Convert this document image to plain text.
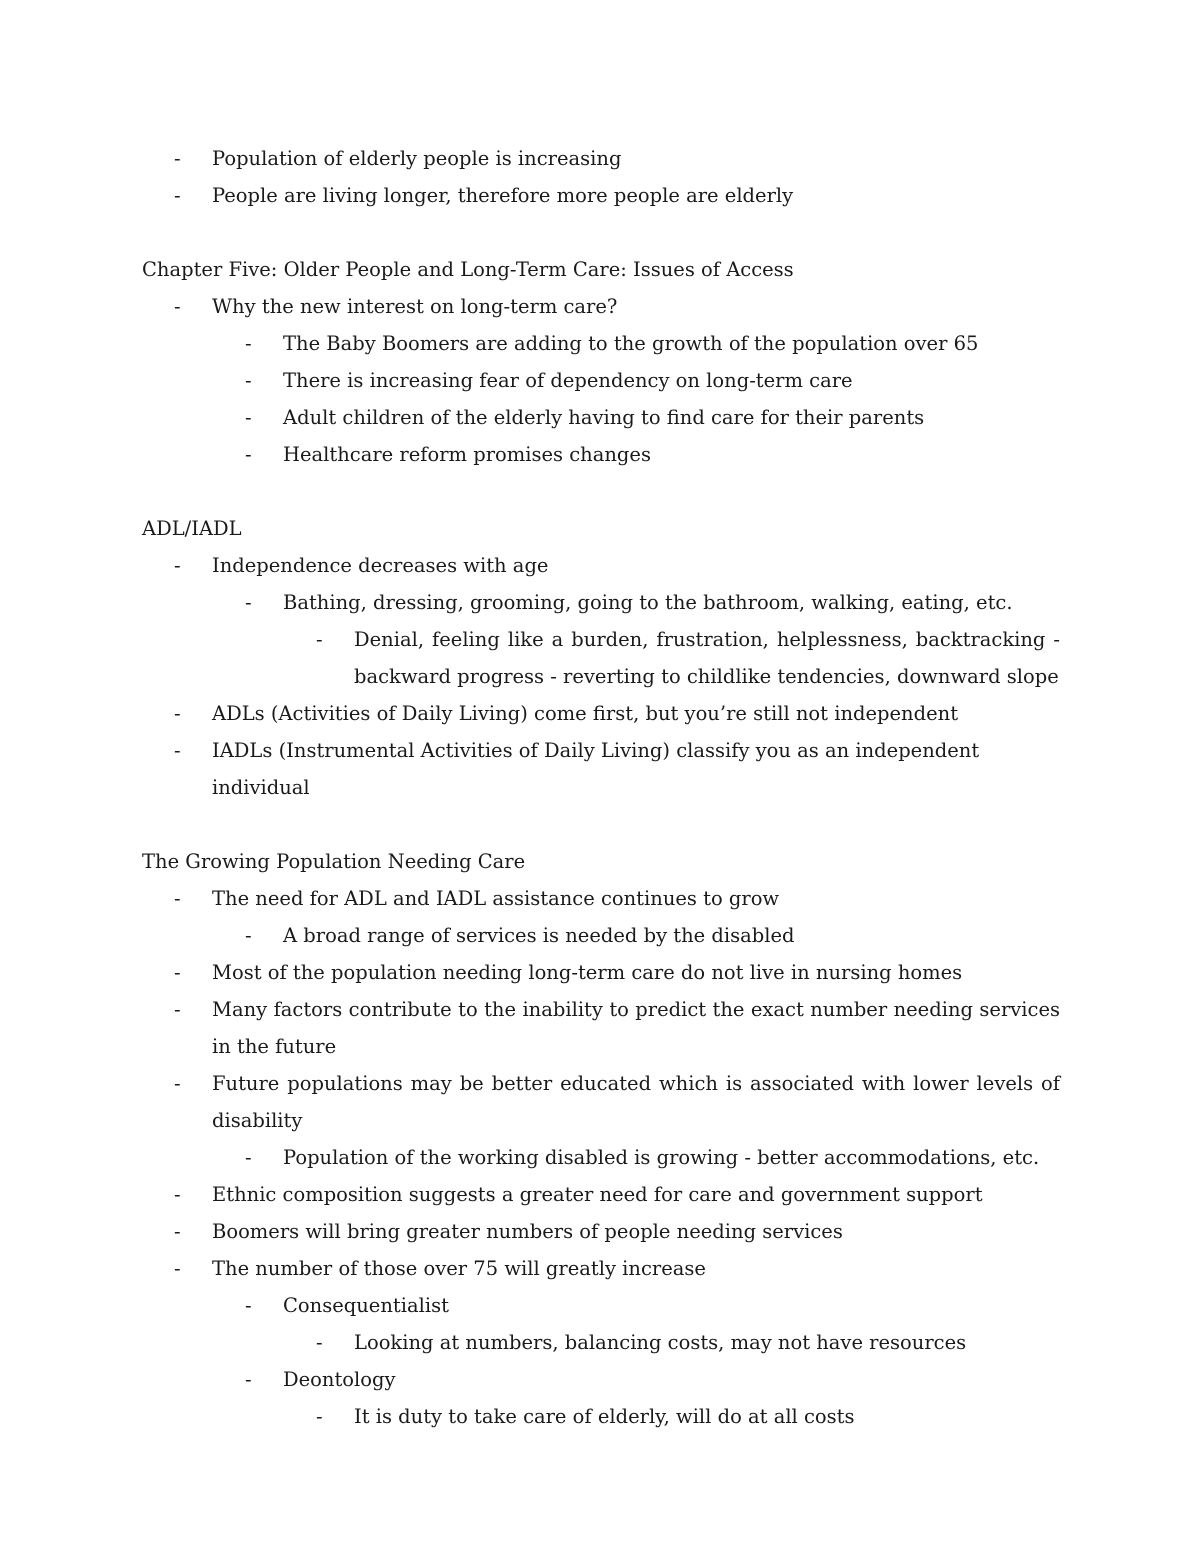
- Population of elderly people is increasing
- People are living longer, therefore more people are elderly

Chapter Five: Older People and Long-Term Care: Issues of Access

- Why the new interest on long-term care?
- The Baby Boomers are adding to the growth of the population over 65
- There is increasing fear of dependency on long-term care
- Adult children of the elderly having to find care for their parents
- Healthcare reform promises changes

ADL/IADL

- Independence decreases with age
- Bathing, dressing, grooming, going to the bathroom, walking, eating, etc.
- Denial, feeling like a burden, frustration, helplessness, backtracking - backward progress - reverting to childlike tendencies, downward slope
- ADLs (Activities of Daily Living) come first, but you’re still not independent
- IADLs (Instrumental Activities of Daily Living) classify you as an independent individual

The Growing Population Needing Care

- The need for ADL and IADL assistance continues to grow
- A broad range of services is needed by the disabled
- Most of the population needing long-term care do not live in nursing homes
- Many factors contribute to the inability to predict the exact number needing services in the future
- Future populations may be better educated which is associated with lower levels of disability
- Population of the working disabled is growing - better accommodations, etc.
- Ethnic composition suggests a greater need for care and government support
- Boomers will bring greater numbers of people needing services
- The number of those over 75 will greatly increase
- Consequentialist
- Looking at numbers, balancing costs, may not have resources
- Deontology
- It is duty to take care of elderly, will do at all costs
